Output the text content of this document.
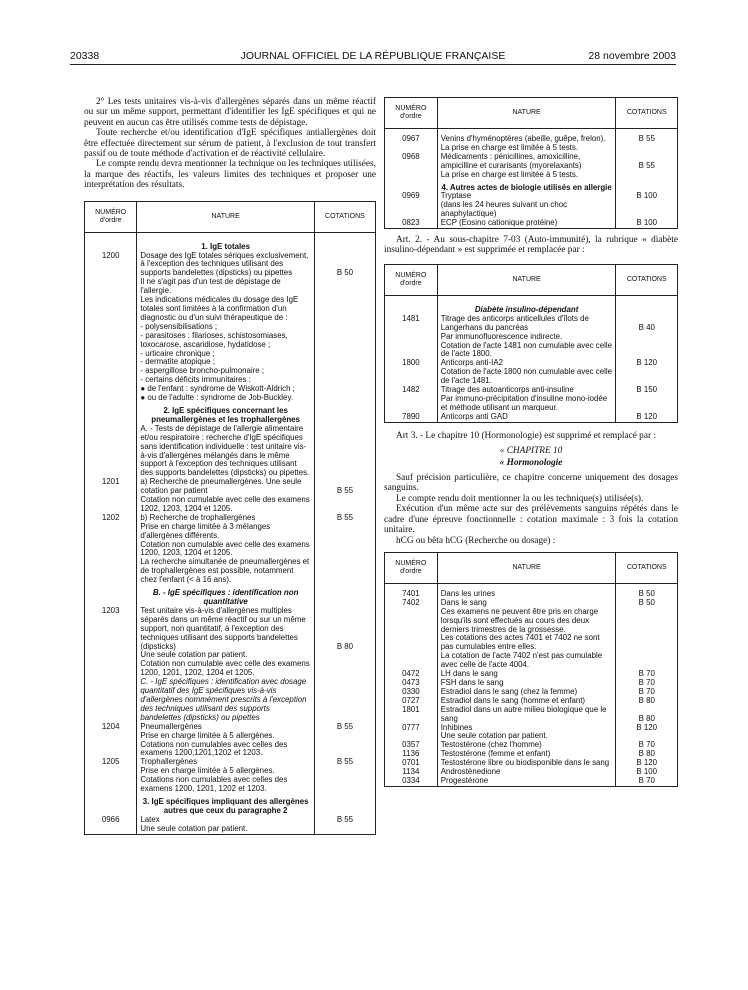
20338	JOURNAL OFFICIEL DE LA RÉPUBLIQUE FRANÇAISE	28 novembre 2003

2° Les tests unitaires vis-à-vis d'allergènes séparés dans un même réactif ou sur un même support, permettant d'identifier les IgE spécifiques et qui ne peuvent en aucun cas être utilisés comme tests de dépistage.

Toute recherche et/ou identification d'IgE spécifiques antiallergènes doit être effectuée directement sur sérum de patient, à l'exclusion de tout transfert passif ou de toute méthode d'activation et de réactivité cellulaire.

Le compte rendu devra mentionner la technique ou les techniques utilisées, la marque des réactifs, les valeurs limites des techniques et proposer une interprétation des résultats.

NUMÉRO d'ordre	NATURE	COTATIONS

	1. IgE totales	
1200	Dosage des IgE totales sériques exclusivement, à l'exception des techniques utilisant des supports bandelettes (dipsticks) ou pipettes	B 50
	Il ne s'agit pas d'un test de dépistage de l'allergie.	
	Les indications médicales du dosage des IgE totales sont limitées à la confirmation d'un diagnostic ou d'un suivi thérapeutique de :	
	- polysensibilisations ;	
	- parasitoses : filarioses, schistosomiases, toxocarose, ascaridiose, hydatidose ;	
	- urticaire chronique ;	
	- dermatite atopique ;	
	- aspergillose broncho-pulmonaire ;	
	- certains déficits immunitaires :	
	● de l'enfant : syndrome de Wiskott-Aldrich ;	
	● ou de l'adulte : syndrome de Job-Buckley.	
	2. IgE spécifiques concernant les pneumallergènes et les trophallergènes	
	A. - Tests de dépistage de l'allergie alimentaire et/ou respiratoire : recherche d'IgE spécifiques sans identification individuelle : test unitaire vis-à-vis d'allergènes mélangés dans le même support à l'exception des techniques utilisant des supports bandelettes (dipsticks) ou pipettes.	
1201	a) Recherche de pneumallergènes. Une seule cotation par patient	B 55
	Cotation non cumulable avec celle des examens 1202, 1203, 1204 et 1205.	
1202	b) Recherche de trophallergènes	B 55
	Prise en charge limitée à 3 mélanges d'allergènes différents.	
	Cotation non cumulable avec celle des examens 1200, 1203, 1204 et 1205.	
	La recherche simultanée de pneumallergènes et de trophallergènes est possible, notamment chez l'enfant (< à 16 ans).	
	B. - IgE spécifiques : identification non quantitative	
1203	Test unitaire vis-à-vis d'allergènes multiples séparés dans un même réactif ou sur un même support, non quantitatif, à l'exception des techniques utilisant des supports bandelettes (dipsticks)	B 80
	Une seule cotation par patient.	
	Cotation non cumulable avec celle des examens 1200, 1201, 1202, 1204 et 1205.	
	C. - IgE spécifiques : identification avec dosage quantitatif des IgE spécifiques vis-à-vis d'allergènes nommément prescrits à l'exception des techniques utilisant des supports bandelettes (dipsticks) ou pipettes	
1204	Pneumallergènes	B 55
	Prise en charge limitée à 5 allergènes.	
	Cotations non cumulables avec celles des examens 1200,1201,1202 et 1203.	
1205	Trophallergènes	B 55
	Prise en charge limitée à 5 allergènes.	
	Cotations non cumulables avec celles des examens 1200, 1201, 1202 et 1203.	
	3. IgE spécifiques impliquant des allergènes autres que ceux du paragraphe 2	
0966	Latex	B 55
	Une seule cotation par patient.	
NUMÉRO d'ordre	NATURE	COTATIONS

0967	Venins d'hyménoptères (abeille, guêpe, frelon).	B 55
	La prise en charge est limitée à 5 tests.	
0968	Médicaments : pénicillines, amoxicilline, ampicilline et curarisants (myorelaxants)	B 55
	La prise en charge est limitée à 5 tests.	
	4. Autres actes de biologie utilisés en allergie	
0969	Tryptase	B 100
	(dans les 24 heures suivant un choc anaphylactique)	
0823	ECP (Eosino cationique protéine)	B 100

Art. 2. - Au sous-chapitre 7-03 (Auto-immunité), la rubrique « diabète insulino-dépendant » est supprimée et remplacée par :

NUMÉRO d'ordre	NATURE	COTATIONS

	Diabète insulino-dépendant	
1481	Titrage des anticorps anticellules d'îlots de Langerhans du pancréas	B 40
	Par immunofluorescence indirecte.	
	Cotation de l'acte 1481 non cumulable avec celle de l'acte 1800.	
1800	Anticorps anti-IA2	B 120
	Cotation de l'acte 1800 non cumulable avec celle de l'acte 1481.	
1482	Titrage des autoanticorps anti-insuline	B 150
	Par immuno-précipitation d'insuline mono-iodée et méthode utilisant un marqueur.	
7890	Anticorps anti GAD	B 120

Art 3. - Le chapitre 10 (Hormonologie) est supprimé et remplacé par :

« CHAPITRE 10

« Hormonologie

Sauf précision particulière, ce chapitre concerne uniquement des dosages sanguins.

Le compte rendu doit mentionner la ou les technique(s) utilisée(s).

Exécution d'un même acte sur des prélèvements sanguins répétés dans le cadre d'une épreuve fonctionnelle : cotation maximale : 3 fois la cotation unitaire.

hCG ou bêta hCG (Recherche ou dosage) :

NUMÉRO d'ordre	NATURE	COTATIONS

7401	Dans les urines	B 50
7402	Dans le sang	B 50
	Ces examens ne peuvent être pris en charge lorsqu'ils sont effectués au cours des deux derniers trimestres de la grossesse.	
	Les cotations des actes 7401 et 7402 ne sont pas cumulables entre elles.	
	La cotation de l'acte 7402 n'est pas cumulable avec celle de l'acte 4004.	
0472	LH dans le sang	B 70
0473	FSH dans le sang	B 70
0330	Estradiol dans le sang (chez la femme)	B 70
0727	Estradiol dans le sang (homme et enfant)	B 80
1801	Estradiol dans un autre milieu biologique que le sang	B 80
0777	Inhibines	B 120
	Une seule cotation par patient.	
0357	Testostérone (chez l'homme)	B 70
1136	Testostérone (femme et enfant)	B 80
0701	Testostérone libre ou biodisponible dans le sang	B 120
1134	Androstènedione	B 100
0334	Progestérone	B 70
